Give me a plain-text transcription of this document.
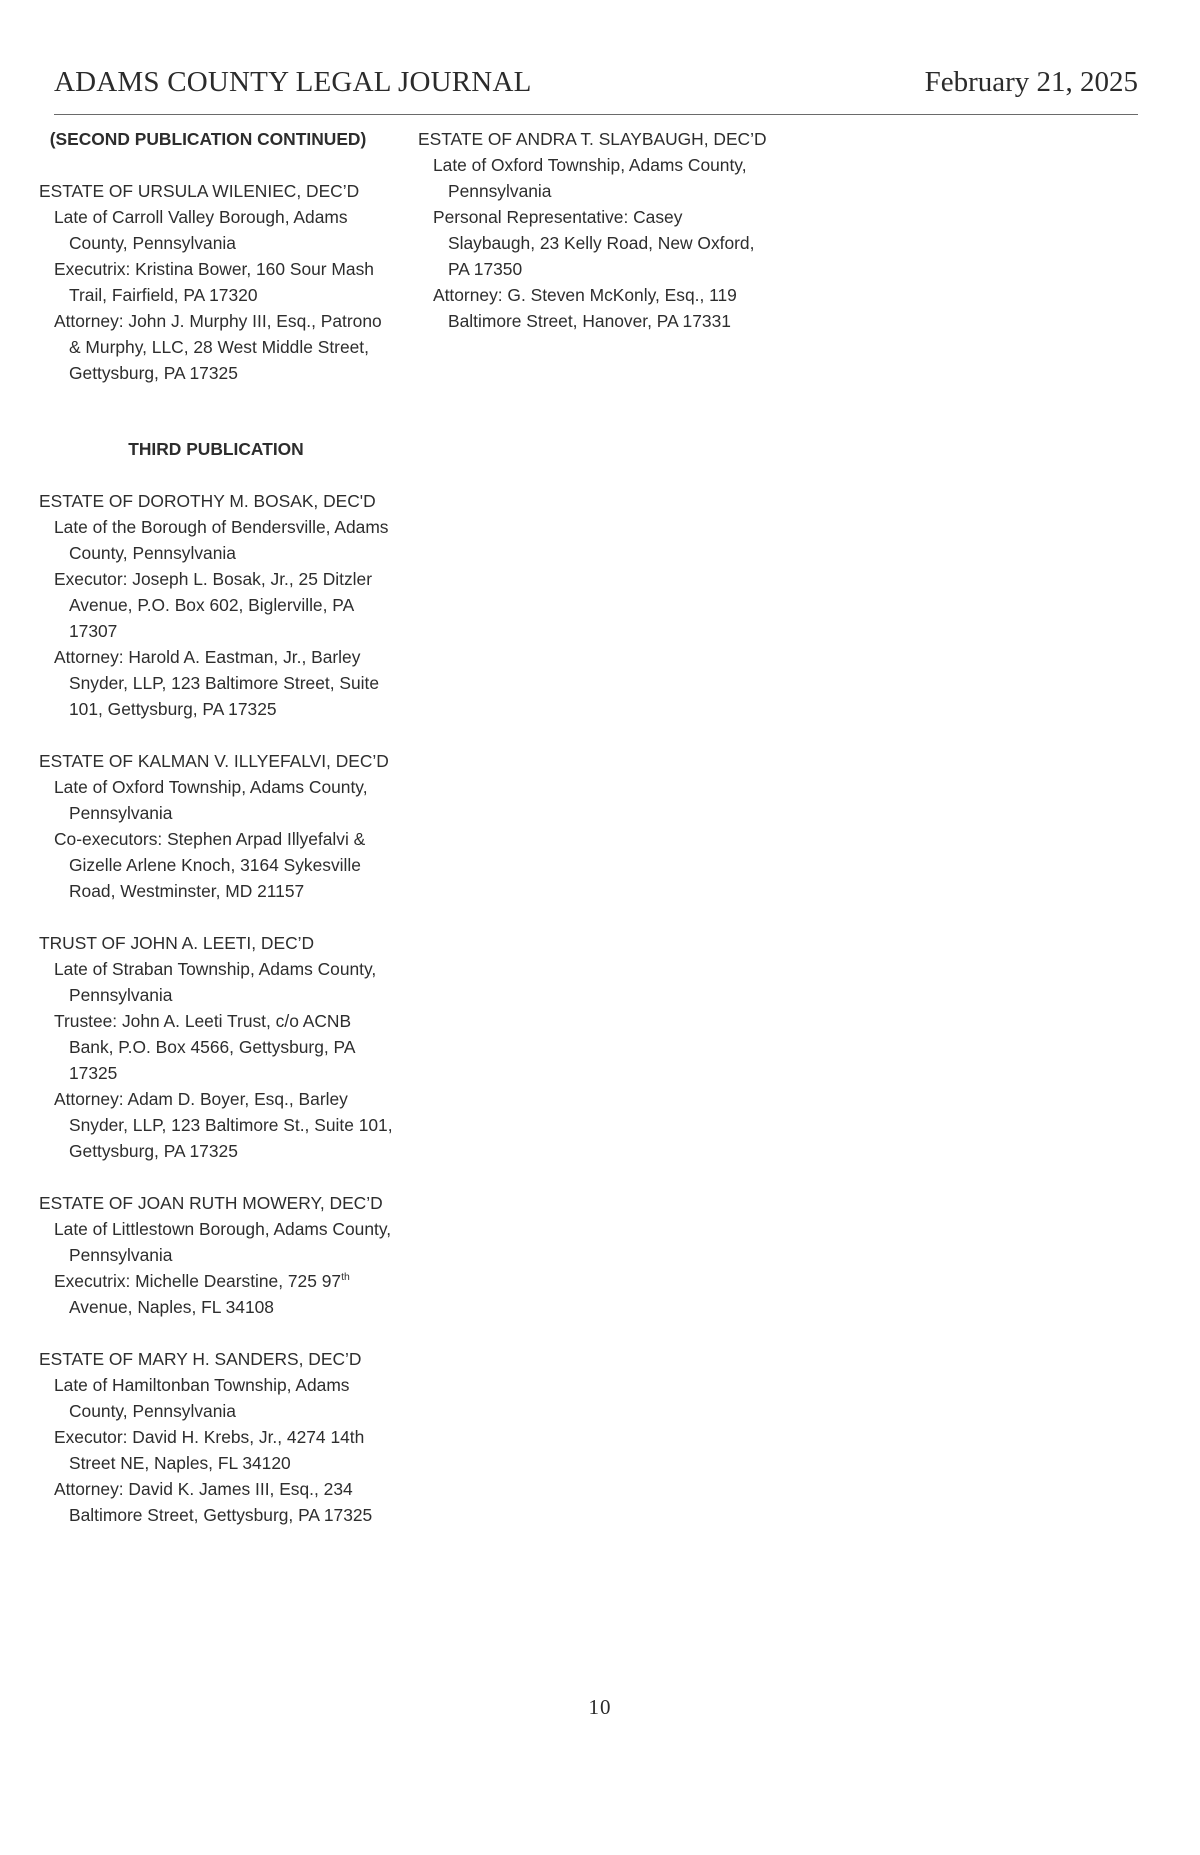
ADAMS COUNTY LEGAL JOURNAL	February 21, 2025

(SECOND PUBLICATION CONTINUED)

ESTATE OF URSULA WILENIEC, DEC’D

Late of Carroll Valley Borough, Adams County, Pennsylvania

Executrix: Kristina Bower, 160 Sour Mash Trail, Fairfield, PA 17320

Attorney: John J. Murphy III, Esq., Patrono & Murphy, LLC, 28 West Middle Street, Gettysburg, PA 17325

THIRD PUBLICATION

ESTATE OF DOROTHY M. BOSAK, DEC'D

Late of the Borough of Bendersville, Adams County, Pennsylvania

Executor: Joseph L. Bosak, Jr., 25 Ditzler Avenue, P.O. Box 602, Biglerville, PA 17307

Attorney: Harold A. Eastman, Jr., Barley Snyder, LLP, 123 Baltimore Street, Suite 101, Gettysburg, PA 17325

ESTATE OF KALMAN V. ILLYEFALVI, DEC’D

Late of Oxford Township, Adams County, Pennsylvania

Co-executors: Stephen Arpad Illyefalvi & Gizelle Arlene Knoch, 3164 Sykesville Road, Westminster, MD 21157

TRUST OF JOHN A. LEETI, DEC’D

Late of Straban Township, Adams County, Pennsylvania

Trustee: John A. Leeti Trust, c/o ACNB Bank, P.O. Box 4566, Gettysburg, PA 17325

Attorney: Adam D. Boyer, Esq., Barley Snyder, LLP, 123 Baltimore St., Suite 101, Gettysburg, PA 17325

ESTATE OF JOAN RUTH MOWERY, DEC’D

Late of Littlestown Borough, Adams County, Pennsylvania

Executrix: Michelle Dearstine, 725 97th Avenue, Naples, FL 34108

ESTATE OF MARY H. SANDERS, DEC’D

Late of Hamiltonban Township, Adams County, Pennsylvania

Executor: David H. Krebs, Jr., 4274 14th Street NE, Naples, FL 34120

Attorney: David K. James III, Esq., 234 Baltimore Street, Gettysburg, PA 17325

ESTATE OF ANDRA T. SLAYBAUGH, DEC’D

Late of Oxford Township, Adams County, Pennsylvania

Personal Representative: Casey Slaybaugh, 23 Kelly Road, New Oxford, PA 17350

Attorney: G. Steven McKonly, Esq., 119 Baltimore Street, Hanover, PA 17331

10
